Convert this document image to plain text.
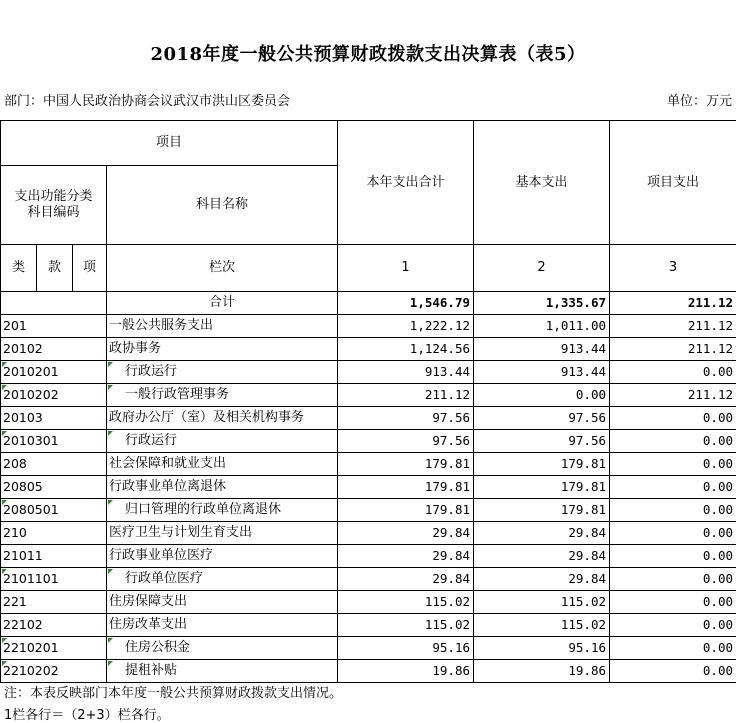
2018年度一般公共预算财政拨款支出决算表（表5）
部门：中国人民政治协商会议武汉市洪山区委员会	单位：万元
项目				本年支出合计	基本支出	项目支出
支出功能分类
科目编码			科目名称			
类	款	项				
			栏次	1	2	3
			合计	1,546.79	1,335.67	211.12
201			一般公共服务支出	1,222.12	1,011.00	211.12
20102			政协事务	1,124.56	913.44	211.12

2010201			行政运行	913.44	913.44	0.00

2010202			一般行政管理事务	211.12	0.00	211.12
20103			政府办公厅（室）及相关机构事务	97.56	97.56	0.00

2010301			行政运行	97.56	97.56	0.00
208			社会保障和就业支出	179.81	179.81	0.00
20805			行政事业单位离退休	179.81	179.81	0.00

2080501			归口管理的行政单位离退休	179.81	179.81	0.00
210			医疗卫生与计划生育支出	29.84	29.84	0.00
21011			行政事业单位医疗	29.84	29.84	0.00

2101101			行政单位医疗	29.84	29.84	0.00
221			住房保障支出	115.02	115.02	0.00
22102			住房改革支出	115.02	115.02	0.00

2210201			住房公积金	95.16	95.16	0.00

2210202			提租补贴	19.86	19.86	0.00
注：本表反映部门本年度一般公共预算财政拨款支出情况。
1栏各行＝（2+3）栏各行。
